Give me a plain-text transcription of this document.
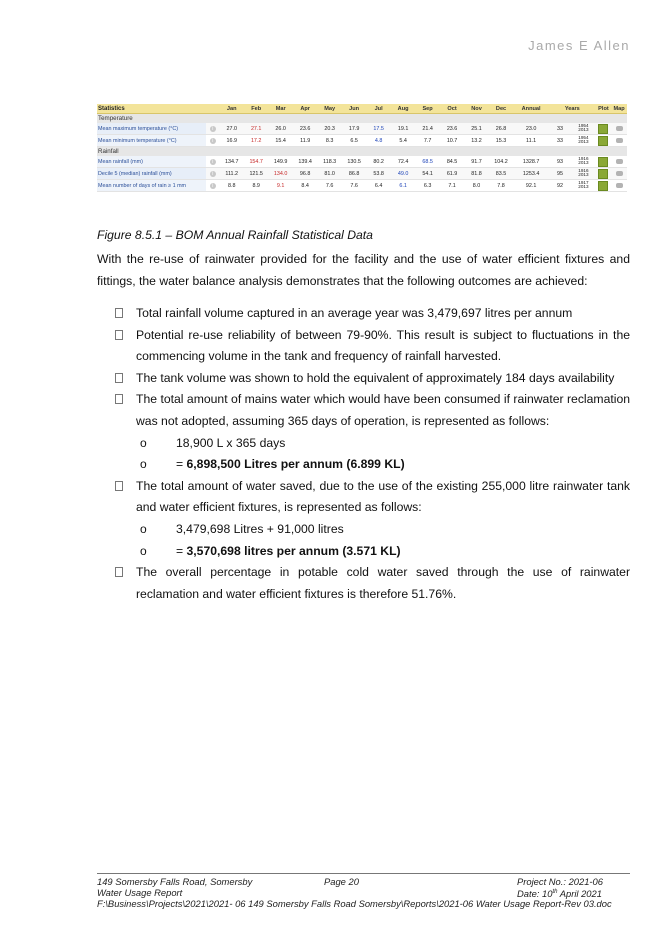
James E Allen
Statistics		Jan	Feb	Mar	Apr	May	Jun	Jul	Aug	Sep	Oct	Nov	Dec	Annual	Years		Plot	Map
Temperature																		
Mean maximum temperature (°C)	i	27.0	27.1	26.0	23.6	20.3	17.9	17.5	19.1	21.4	23.6	25.1	26.8	23.0	33	1954
2013		
Mean minimum temperature (°C)	i	16.9	17.2	15.4	11.9	8.3	6.5	4.8	5.4	7.7	10.7	13.2	15.3	11.1	33	1954
2013		
Rainfall																		
Mean rainfall (mm)	i	134.7	154.7	149.9	139.4	118.3	130.5	80.2	72.4	68.5	84.5	91.7	104.2	1328.7	93	1916
2013		
Decile 5 (median) rainfall (mm)	i	111.2	121.5	134.0	96.8	81.0	86.8	53.8	49.0	54.1	61.9	81.8	83.5	1253.4	95	1916
2013		
Mean number of days of rain ≥ 1 mm	i	8.8	8.9	9.1	8.4	7.6	7.6	6.4	6.1	6.3	7.1	8.0	7.8	92.1	92	1917
2013		

Figure 8.5.1 – BOM Annual Rainfall Statistical Data

With the re-use of rainwater provided for the facility and the use of water efficient fixtures and fittings, the water balance analysis demonstrates that the following outcomes are achieved:

Total rainfall volume captured in an average year was 3,479,697 litres per annum
Potential re-use reliability of between 79-90%. This result is subject to fluctuations in the commencing volume in the tank and frequency of rainfall harvested.
The tank volume was shown to hold the equivalent of approximately 184 days availability
The total amount of mains water which would have been consumed if rainwater reclamation was not adopted, assuming 365 days of operation, is represented as follows:
o 18,900 L x 365 days
o = 6,898,500 Litres per annum (6.899 KL)
The total amount of water saved, due to the use of the existing 255,000 litre rainwater tank and water efficient fixtures, is represented as follows:
o 3,479,698 Litres + 91,000 litres
o = 3,570,698 litres per annum (3.571 KL)
The overall percentage in potable cold water saved through the use of rainwater reclamation and water efficient fixtures is therefore 51.76%.
149 Somersby Falls Road, Somersby	Page 20	Project No.: 2021-06
Water Usage Report	Date: 10th April 2021
F:\Business\Projects\2021\2021- 06 149 Somersby Falls Road Somersby\Reports\2021-06 Water Usage Report-Rev 03.doc
